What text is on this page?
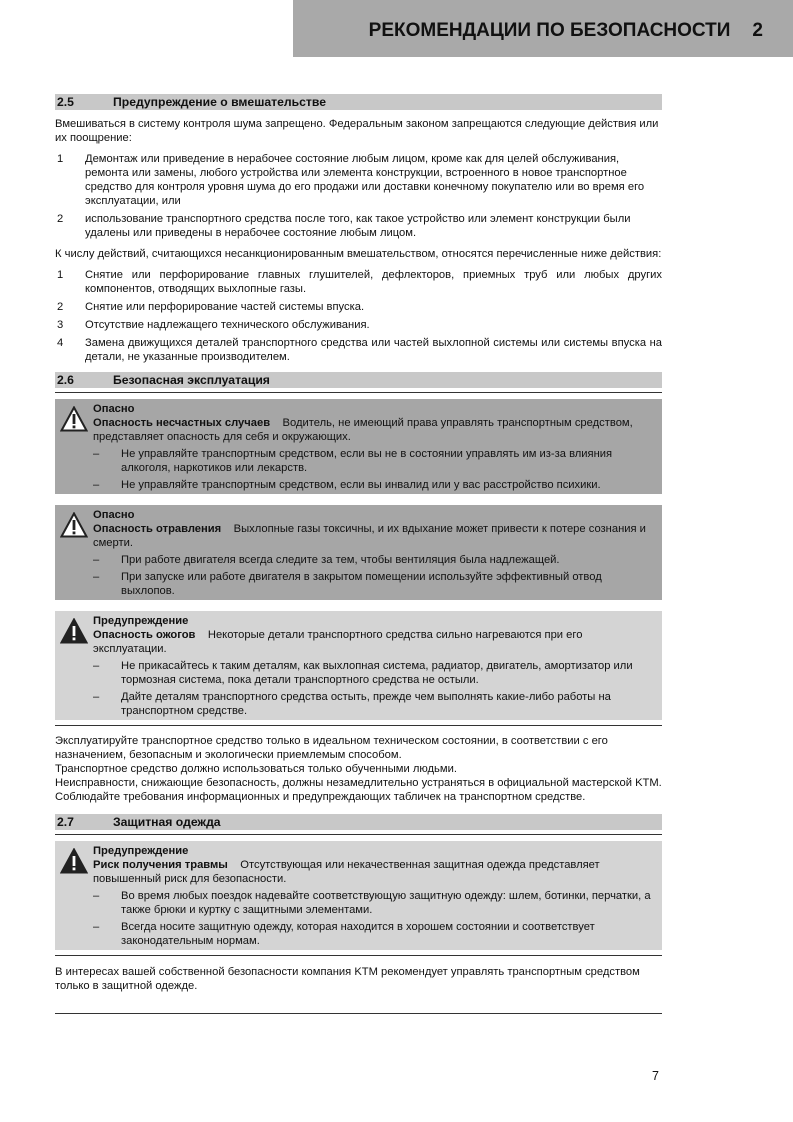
РЕКОМЕНДАЦИИ ПО БЕЗОПАСНОСТИ 2
2.5	Предупреждение о вмешательстве

Вмешиваться в систему контроля шума запрещено. Федеральным законом запрещаются следующие действия или их поощрение:

1 Демонтаж или приведение в нерабочее состояние любым лицом, кроме как для целей обслуживания, ремонта или замены, любого устройства или элемента конструкции, встроенного в новое транспортное средство для контроля уровня шума до его продажи или доставки конечному покупателю или во время его эксплуатации, или
2 использование транспортного средства после того, как такое устройство или элемент конструкции были удалены или приведены в нерабочее состояние любым лицом.

К числу действий, считающихся несанкционированным вмешательством, относятся перечисленные ниже действия:

1 Снятие или перфорирование главных глушителей, дефлекторов, приемных труб или любых других компонентов, отводящих выхлопные газы.
2 Снятие или перфорирование частей системы впуска.
3 Отсутствие надлежащего технического обслуживания.
4 Замена движущихся деталей транспортного средства или частей выхлопной системы или системы впуска на детали, не указанные производителем.
2.6	Безопасная эксплуатация
Опасно
Опасность несчастных случаев Водитель, не имеющий права управлять транспортным средством, представляет опасность для себя и окружающих.
– Не управляйте транспортным средством, если вы не в состоянии управлять им из-за влияния алкоголя, наркотиков или лекарств.
– Не управляйте транспортным средством, если вы инвалид или у вас расстройство психики.
Опасно
Опасность отравления Выхлопные газы токсичны, и их вдыхание может привести к потере сознания и смерти.
– При работе двигателя всегда следите за тем, чтобы вентиляция была надлежащей.
– При запуске или работе двигателя в закрытом помещении используйте эффективный отвод выхлопов.
Предупреждение
Опасность ожогов Некоторые детали транспортного средства сильно нагреваются при его эксплуатации.
– Не прикасайтесь к таким деталям, как выхлопная система, радиатор, двигатель, амортизатор или тормозная система, пока детали транспортного средства не остыли.
– Дайте деталям транспортного средства остыть, прежде чем выполнять какие-либо работы на транспортном средстве.

Эксплуатируйте транспортное средство только в идеальном техническом состоянии, в соответствии с его назначением, безопасным и экологически приемлемым способом.

Транспортное средство должно использоваться только обученными людьми.

Неисправности, снижающие безопасность, должны незамедлительно устраняться в официальной мастерской KTM.

Соблюдайте требования информационных и предупреждающих табличек на транспортном средстве.

2.7	Защитная одежда
Предупреждение
Риск получения травмы Отсутствующая или некачественная защитная одежда представляет повышенный риск для безопасности.
– Во время любых поездок надевайте соответствующую защитную одежду: шлем, ботинки, перчатки, а также брюки и куртку с защитными элементами.
– Всегда носите защитную одежду, которая находится в хорошем состоянии и соответствует законодательным нормам.

В интересах вашей собственной безопасности компания KTM рекомендует управлять транспортным средством только в защитной одежде.

7
